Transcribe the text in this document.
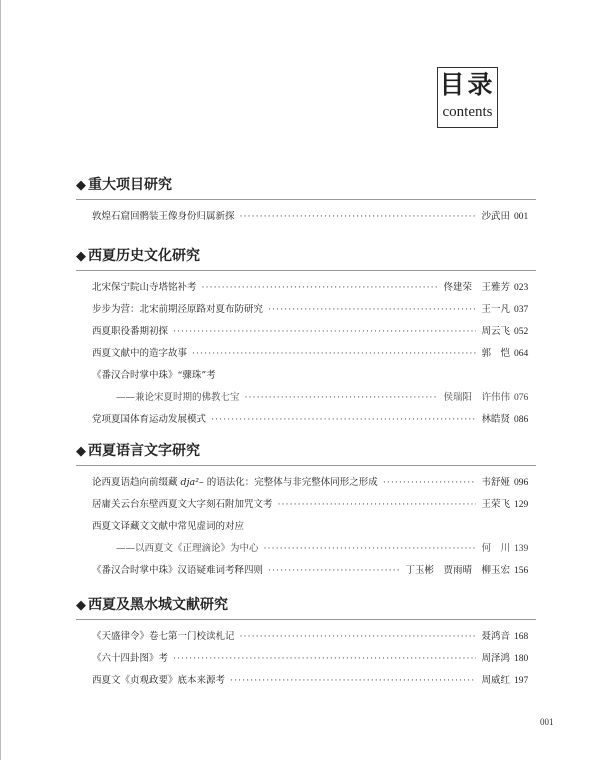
目录
contents
◆ 重大项目研究
敦煌石窟回鹘装王像身份归属新探 ·····	沙武田 001
◆ 西夏历史文化研究
北宋保宁院山寺塔铭补考 ·····	佟建荣　王雅芳 023
步步为营：北宋前期泾原路对夏布防研究 ·····	王一凡 037
西夏职役番期初探 ·····	周云飞 052
西夏文献中的造字故事 ·····	郭　恺 064
《番汉合时掌中珠》“骤珠”考
——兼论宋夏时期的佛教七宝 ·····	侯瑞阳　许伟伟 076
党项夏国体育运动发展模式 ·····	林皓贤 086
◆ 西夏语言文字研究
论西夏语趋向前缀藏 dja²– 的语法化：完整体与非完整体同形之形成 ·····	韦舒娅 096
居庸关云台东壁西夏文大字刻石附加咒文考 ·····	王荣飞 129
西夏文译藏文文献中常见虚词的对应
——以西夏文《正理滴论》为中心 ·····	何　川 139
《番汉合时掌中珠》汉语疑难词考释四则 ·····	丁玉彬　贾雨晴　柳玉宏 156
◆ 西夏及黑水城文献研究
《天盛律令》卷七第一门校读札记 ·····	聂鸿音 168
《六十四卦图》考 ·····	周泽鸿 180
西夏文《贞观政要》底本来源考 ·····	周威红 197
001
